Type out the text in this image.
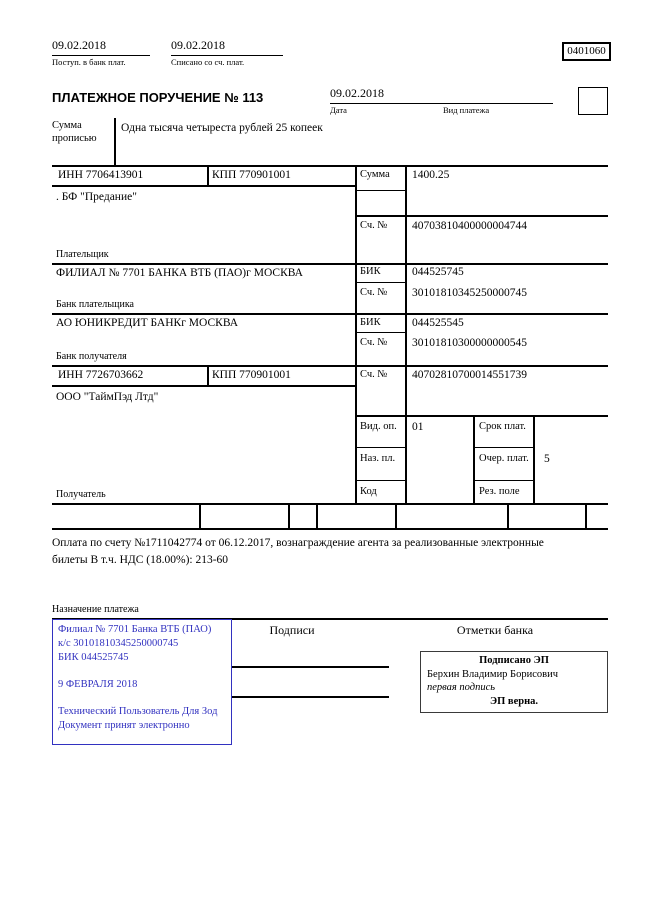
09.02.2018
Поступ. в банк плат.
09.02.2018
Списано со сч. плат.
0401060
ПЛАТЕЖНОЕ ПОРУЧЕНИЕ № 113	09.02.2018
Дата	Вид платежа
Сумма прописью
Одна тысяча четыреста рублей 25 копеек
ИНН 7706413901	КПП 770901001
. БФ "Предание"
Плательщик
ФИЛИАЛ № 7701 БАНКА ВТБ (ПАО)г МОСКВА
Банк плательщика
АО ЮНИКРЕДИТ БАНКг МОСКВА
Банк получателя
ИНН 7726703662	КПП 770901001
ООО "ТаймПэд Лтд"
Получатель
Сумма 1400.25
Сч. № 40703810400000004744
БИК	044525745
Сч. № 30101810345250000745
БИК	044525545
Сч. № 30101810300000000545
Сч. № 40702810700014551739
Вид. оп. 01	Срок плат.
Наз. пл.	Очер. плат. 5
Код	Рез. поле
Оплата по счету №1711042774 от 06.12.2017, вознаграждение агента за реализованные электронные билеты В т.ч. НДС (18.00%): 213-60
Назначение платежа
Филиал № 7701 Банка ВТБ (ПАО)
к/с 30101810345250000745
БИК 044525745
9 ФЕВРАЛЯ 2018
Технический Пользователь Для Зод
Документ принят электронно
Подписи	Отметки банка
Подписано ЭП
Берхин Владимир Борисович
первая подпись
ЭП верна.
